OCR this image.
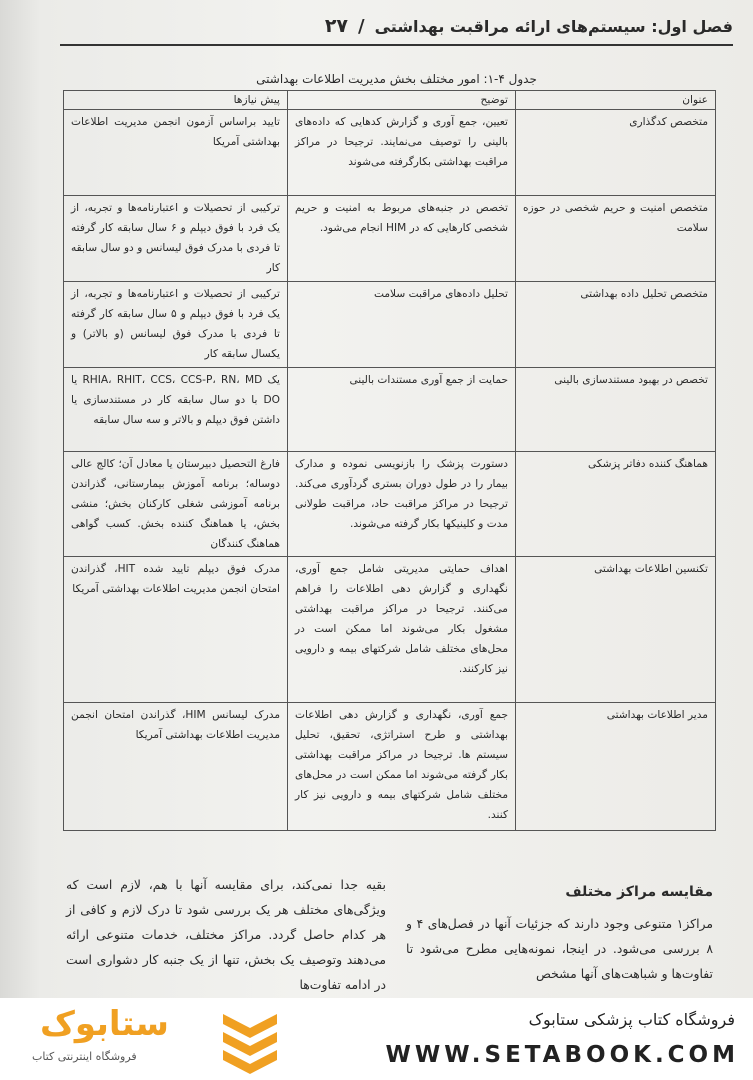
فصل اول: سیستم‌های ارائه مراقبت بهداشتی
/
۲۷
جدول ۴-۱: امور مختلف بخش مدیریت اطلاعات بهداشتی
عنوان	توضیح	پیش نیازها
متخصص کدگذاری	تعیین، جمع آوری و گزارش کدهایی که داده‌های بالینی را توصیف می‌نمایند. ترجیحا در مراکز مراقبت بهداشتی بکارگرفته می‌شوند	تایید براساس آزمون انجمن مدیریت اطلاعات بهداشتی آمریکا
متخصص امنیت و حریم شخصی در حوزه سلامت	تخصص در جنبه‌های مربوط به امنیت و حریم شخصی کارهایی که در HIM انجام می‌شود.	ترکیبی از تحصیلات و اعتبارنامه‌ها و تجربه، از یک فرد با فوق دیپلم و ۶ سال سابقه کار گرفته تا فردی با مدرک فوق لیسانس و دو سال سابقه کار
متخصص تحلیل داده بهداشتی	تحلیل داده‌های مراقبت سلامت	ترکیبی از تحصیلات و اعتبارنامه‌ها و تجربه، از یک فرد با فوق دیپلم و ۵ سال سابقه کار گرفته تا فردی با مدرک فوق لیسانس (و بالاتر) و یکسال سابقه کار
تخصص در بهبود مستندسازی بالینی	حمایت از جمع آوری مستندات بالینی	یک RHIA، RHIT، CCS، CCS-P، RN، MD یا DO با دو سال سابقه کار در مستندسازی یا داشتن فوق دیپلم و بالاتر و سه سال سابقه
هماهنگ کننده دفاتر پزشکی	دستورت پزشک را بازنویسی نموده و مدارک بیمار را در طول دوران بستری گردآوری می‌کند. ترجیحا در مراکز مراقبت حاد، مراقبت طولانی مدت و کلینیکها بکار گرفته می‌شوند.	فارغ التحصیل دبیرستان یا معادل آن؛ کالج عالی دوساله؛ برنامه آموزش بیمارستانی، گذراندن برنامه آموزشی شغلی کارکنان بخش؛ منشی بخش، یا هماهنگ کننده بخش. کسب گواهی هماهنگ کنندگان
تکنسین اطلاعات بهداشتی	اهداف حمایتی مدیریتی شامل جمع آوری، نگهداری و گزارش دهی اطلاعات را فراهم می‌کنند. ترجیحا در مراکز مراقبت بهداشتی مشغول بکار می‌شوند اما ممکن است در محل‌های مختلف شامل شرکتهای بیمه و دارویی نیز کارکنند.	مدرک فوق دیپلم تایید شده HIT، گذراندن امتحان انجمن مدیریت اطلاعات بهداشتی آمریکا
مدیر اطلاعات بهداشتی	جمع آوری، نگهداری و گزارش دهی اطلاعات بهداشتی و طرح استراتژی، تحقیق، تحلیل سیستم ها. ترجیحا در مراکز مراقبت بهداشتی بکار گرفته می‌شوند اما ممکن است در محل‌های مختلف شامل شرکتهای بیمه و دارویی نیز کار کنند.	مدرک لیسانس HIM، گذراندن امتحان انجمن مدیریت اطلاعات بهداشتی آمریکا
بقیه جدا نمی‌کند، برای مقایسه آنها با هم، لازم است که ویژگی‌های مختلف هر یک بررسی شود تا درک لازم و کافی از هر کدام حاصل گردد. مراکز مختلف، خدمات متنوعی ارائه می‌دهند وتوصیف یک بخش، تنها از یک جنبه کار دشواری است در ادامه تفاوت‌ها
مقایسه مراکز مختلف
مراکز۱ متنوعی وجود دارند که جزئیات آنها در فصل‌های ۴ و ۸ بررسی می‌شود. در اینجا، نمونه‌هایی مطرح می‌شود تا تفاوت‌ها و شباهت‌های آنها مشخص
فروشگاه کتاب پزشکی ستابوک
WWW.SETABOOK.COM
ستابوک
فروشگاه اینترنتی کتاب
